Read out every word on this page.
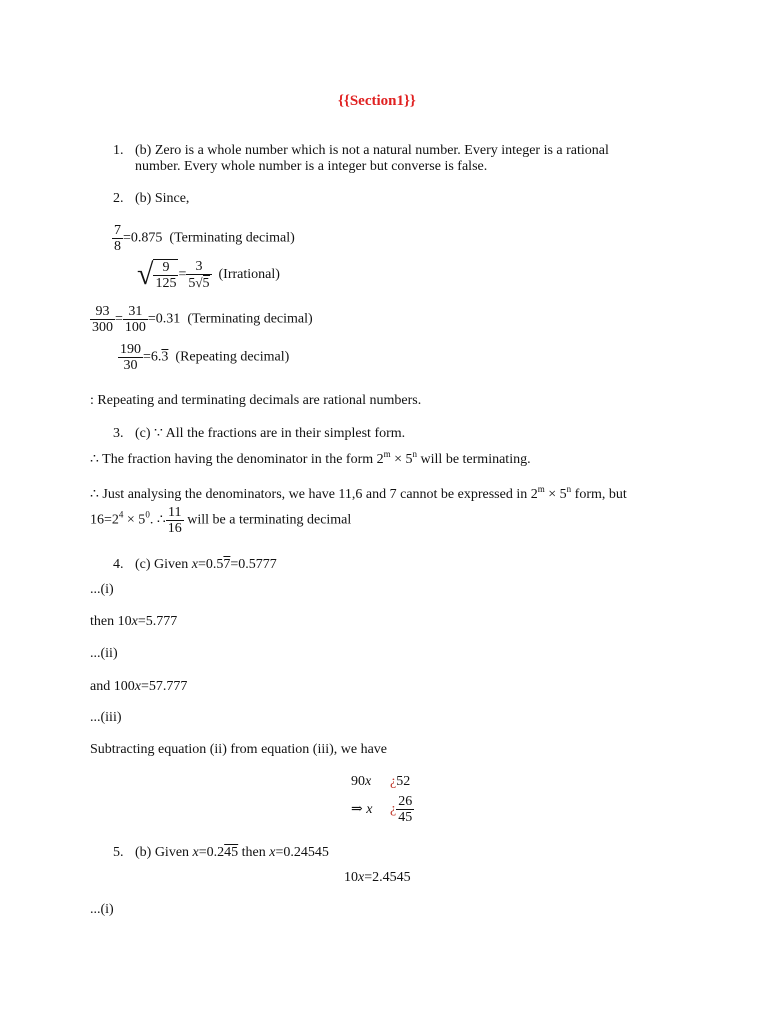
{{Section1}}
1. (b) Zero is a whole number which is not a natural number. Every integer is a rational
number. Every whole number is a integer but converse is false.
2. (b) Since,
$\frac{7}{8} =0.875$ (Terminating decimal)
√ $\frac{9}{125} = \frac{3}{5√5}$ (Irrational)
$\frac{93}{300} = \frac{31}{100} =0.31$ (Terminating decimal)
$\frac{190}{30} =6.3$ (Repeating decimal)
: Repeating and terminating decimals are rational numbers.
3. (c) ∵ All the fractions are in their simplest form.
∴ The fraction having the denominator in the form $2^m \times 5^n$ will be terminating.
∴ Just analysing the denominators, we have 11,6 and 7 cannot be expressed in $2^m \times 5^n$ form, but
$16=2^4 \times 5^0$. ∴ $\frac{11}{16}$ will be a terminating decimal
4. (c) Given x=0.57=0.5777
...(i)
then 10x=5.777
...(ii)
and 100x=57.777
...(iii)
Subtracting equation (ii) from equation (iii), we have
90x ¿52
⇒ x ¿ $\frac{26}{45}$
5. (b) Given x=0.245 then x=0.24545
10x=2.4545
...(i)
